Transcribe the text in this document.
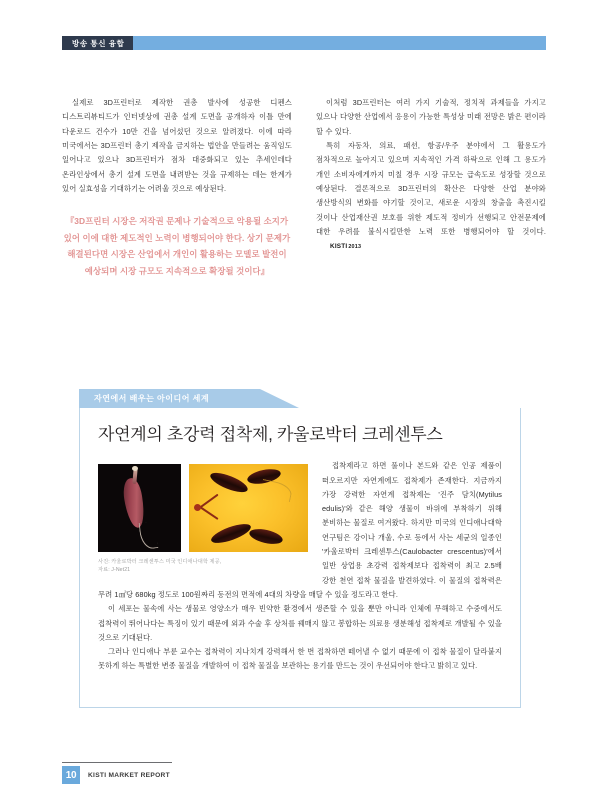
방송 통신 융합

실제로 3D프린터로 제작한 권총 발사에 성공한 디펜스 디스트리뷰티드가 인터넷상에 권총 설계 도면을 공개하자 이틀 만에 다운로드 건수가 10만 건을 넘어섰던 것으로 알려졌다. 이에 따라 미국에서는 3D프린터 총기 제작을 금지하는 법안을 만들려는 움직임도 일어나고 있으나 3D프린터가 점차 대중화되고 있는 추세인데다 온라인상에서 총기 설계 도면을 내려받는 것을 규제하는 데는 한계가 있어 실효성을 기대하기는 어려울 것으로 예상된다.

『3D프린터 시장은 저작권 문제나 기술적으로 악용될 소지가 있어 이에 대한 제도적인 노력이 병행되어야 한다. 상기 문제가 해결된다면 시장은 산업에서 개인이 활용하는 모델로 발전이 예상되며 시장 규모도 지속적으로 확장될 것이다』

이처럼 3D프린터는 여러 가지 기술적, 정치적 과제들을 가지고 있으나 다양한 산업에서 응용이 가능한 특성상 미래 전망은 밝은 편이라 할 수 있다.

특히 자동차, 의료, 패션, 항공/우주 분야에서 그 활용도가 점차적으로 높아지고 있으며 지속적인 가격 하락으로 인해 그 용도가 개인 소비자에게까지 미칠 경우 시장 규모는 급속도로 성장할 것으로 예상된다. 결론적으로 3D프린터의 확산은 다양한 산업 분야와 생산방식의 변화를 야기할 것이고, 새로운 시장의 창출을 촉진시킬 것이나 산업재산권 보호를 위한 제도적 정비가 선행되고 안전문제에 대한 우려를 불식시킬만한 노력 또한 병행되어야 할 것이다.KISTI2013

자연에서 배우는 아이디어 세계
자연계의 초강력 접착제, 카울로박터 크레센투스
사진: 카울로박터 크레센투스 미국 인디애나대학 제공,
자료: J-Net21

접착제라고 하면 풀이나 본드와 같은 인공 제품이 떠오르지만 자연계에도 접착제가 존재한다. 지금까지 가장 강력한 자연계 접착제는 '진주 담치(Mytilus edulis)'와 같은 해양 생물이 바위에 부착하기 위해 분비하는 물질로 여겨왔다. 하지만 미국의 인디애나대학 연구팀은 강이나 개울, 수로 등에서 사는 세균의 일종인 '카울로박터 크레센투스(Caulobacter crescentus)'에서 일반 상업용 초강력 접착제보다 접착력이 최고 2.5배 강한 천연 접착 물질을 발견하였다. 이 물질의 접착력은 무려 1㎠당 680kg 정도로 100원짜리 동전의 면적에 4대의 차량을 매달 수 있을 정도라고 한다.

이 세포는 물속에 사는 생물로 영양소가 매우 빈약한 환경에서 생존할 수 있을 뿐만 아니라 인체에 무해하고 수중에서도 접착력이 뛰어나다는 특징이 있기 때문에 외과 수술 후 상처를 꿰매지 않고 봉합하는 의료용 생분해성 접착제로 개발될 수 있을 것으로 기대된다.

그러나 인디애나 부룬 교수는 접착력이 지나치게 강력해서 한 번 접착하면 떼어낼 수 없기 때문에 이 접착 물질이 달라붙지 못하게 하는 특별한 변종 물질을 개발하여 이 접착 물질을 보관하는 용기를 만드는 것이 우선되어야 한다고 밝히고 있다.

10	KISTI MARKET REPORT
